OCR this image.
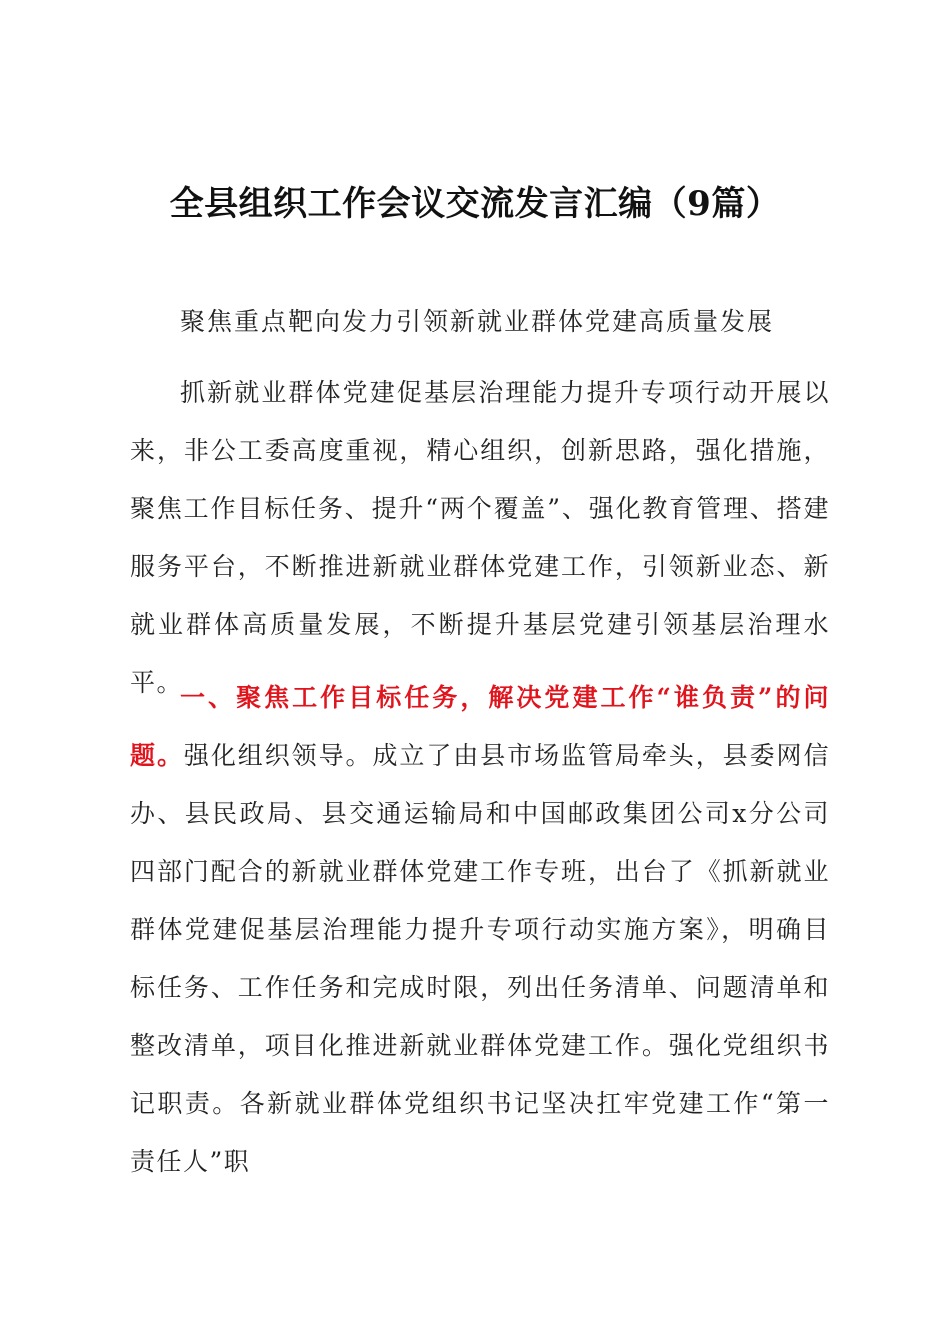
全县组织工作会议交流发言汇编（9篇）
聚焦重点靶向发力引领新就业群体党建高质量发展

抓新就业群体党建促基层治理能力提升专项行动开展以来，非公工委高度重视，精心组织，创新思路，强化措施，聚焦工作目标任务、提升“两个覆盖”、强化教育管理、搭建服务平台，不断推进新就业群体党建工作，引领新业态、新就业群体高质量发展，不断提升基层党建引领基层治理水平。

一、聚焦工作目标任务，解决党建工作“谁负责”的问题。强化组织领导。成立了由县市场监管局牵头，县委网信办、县民政局、县交通运输局和中国邮政集团公司x分公司四部门配合的新就业群体党建工作专班，出台了《抓新就业群体党建促基层治理能力提升专项行动实施方案》，明确目标任务、工作任务和完成时限，列出任务清单、问题清单和整改清单，项目化推进新就业群体党建工作。强化党组织书记职责。各新就业群体党组织书记坚决扛牢党建工作“第一责任人”职
